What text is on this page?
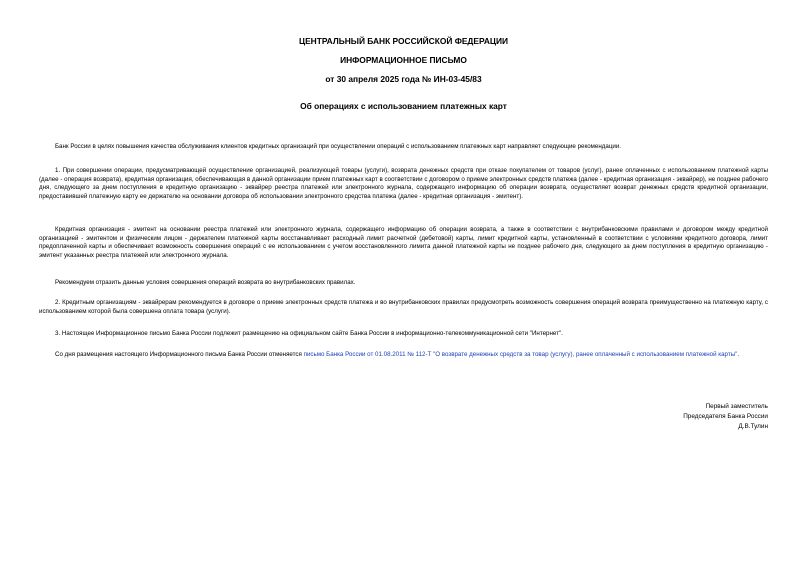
ЦЕНТРАЛЬНЫЙ БАНК РОССИЙСКОЙ ФЕДЕРАЦИИ
ИНФОРМАЦИОННОЕ ПИСЬМО
от 30 апреля 2025 года № ИН-03-45/83
Об операциях с использованием платежных карт
Банк России в целях повышения качества обслуживания клиентов кредитных организаций при осуществлении операций с использованием платежных карт направляет следующие рекомендации.
1. При совершении операции, предусматривающей осуществление организацией, реализующей товары (услуги), возврата денежных средств при отказе покупателем от товаров (услуг), ранее оплаченных с использованием платежной карты (далее - операция возврата), кредитная организация, обеспечивающая в данной организации прием платежных карт в соответствии с договором о приеме электронных средств платежа (далее - кредитная организация - эквайрер), не позднее рабочего дня, следующего за днем поступления в кредитную организацию - эквайрер реестра платежей или электронного журнала, содержащего информацию об операции возврата, осуществляет возврат денежных средств кредитной организации, предоставившей платежную карту ее держателю на основании договора об использовании электронного средства платежа (далее - кредитная организация - эмитент).
Кредитная организация - эмитент на основании реестра платежей или электронного журнала, содержащего информацию об операции возврата, а также в соответствии с внутрибанковскими правилами и договором между кредитной организацией - эмитентом и физическим лицом - держателем платежной карты восстанавливает расходный лимит расчетной (дебетовой) карты, лимит кредитной карты, установленный в соответствии с условиями кредитного договора, лимит предоплаченной карты и обеспечивает возможность совершения операций с ее использованием с учетом восстановленного лимита данной платежной карты не позднее рабочего дня, следующего за днем поступления в кредитную организацию - эмитент указанных реестра платежей или электронного журнала.
Рекомендуем отразить данные условия совершения операций возврата во внутрибанковских правилах.
2. Кредитным организациям - эквайрерам рекомендуется в договоре о приеме электронных средств платежа и во внутрибанковских правилах предусмотреть возможность совершения операций возврата преимущественно на платежную карту, с использованием которой была совершена оплата товара (услуги).
3. Настоящее Информационное письмо Банка России подлежит размещению на официальном сайте Банка России в информационно-телекоммуникационной сети "Интернет".
Со дня размещения настоящего Информационного письма Банка России отменяется письмо Банка России от 01.08.2011 № 112-Т "О возврате денежных средств за товар (услугу), ранее оплаченный с использованием платежной карты".
Первый заместитель
Председателя Банка России
Д.В.Тулин
